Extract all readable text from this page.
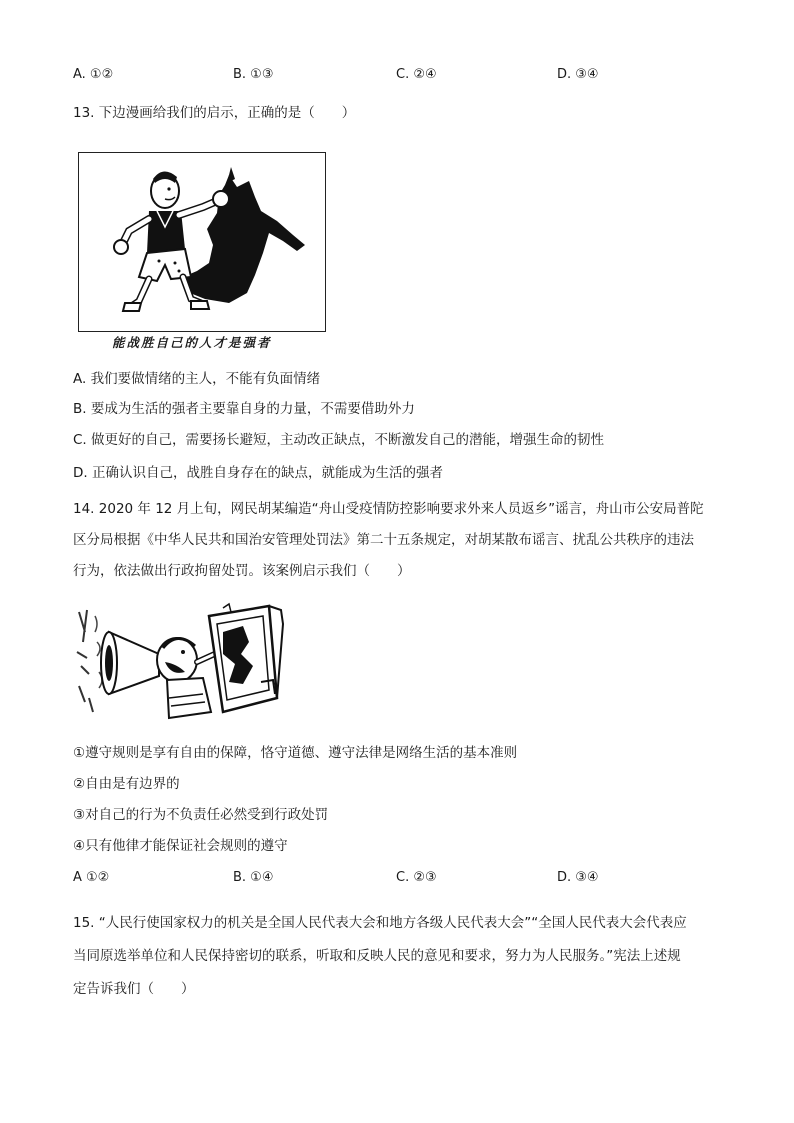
A. ①②	B. ①③	C. ②④	D. ③④
13. 下边漫画给我们的启示，正确的是（　　）
能战胜自己的人才是强者
A. 我们要做情绪的主人，不能有负面情绪
B. 要成为生活的强者主要靠自身的力量，不需要借助外力
C. 做更好的自己，需要扬长避短，主动改正缺点，不断激发自己的潜能，增强生命的韧性
D. 正确认识自己，战胜自身存在的缺点，就能成为生活的强者
14. 2020 年 12 月上旬，网民胡某编造“舟山受疫情防控影响要求外来人员返乡”谣言，舟山市公安局普陀
区分局根据《中华人民共和国治安管理处罚法》第二十五条规定，对胡某散布谣言、扰乱公共秩序的违法
行为，依法做出行政拘留处罚。该案例启示我们（　　）
①遵守规则是享有自由的保障，恪守道德、遵守法律是网络生活的基本准则
②自由是有边界的
③对自己的行为不负责任必然受到行政处罚
④只有他律才能保证社会规则的遵守
A ①②	B. ①④	C. ②③	D. ③④
15. “人民行使国家权力的机关是全国人民代表大会和地方各级人民代表大会”“全国人民代表大会代表应
当同原选举单位和人民保持密切的联系，听取和反映人民的意见和要求，努力为人民服务。”宪法上述规
定告诉我们（　　）
